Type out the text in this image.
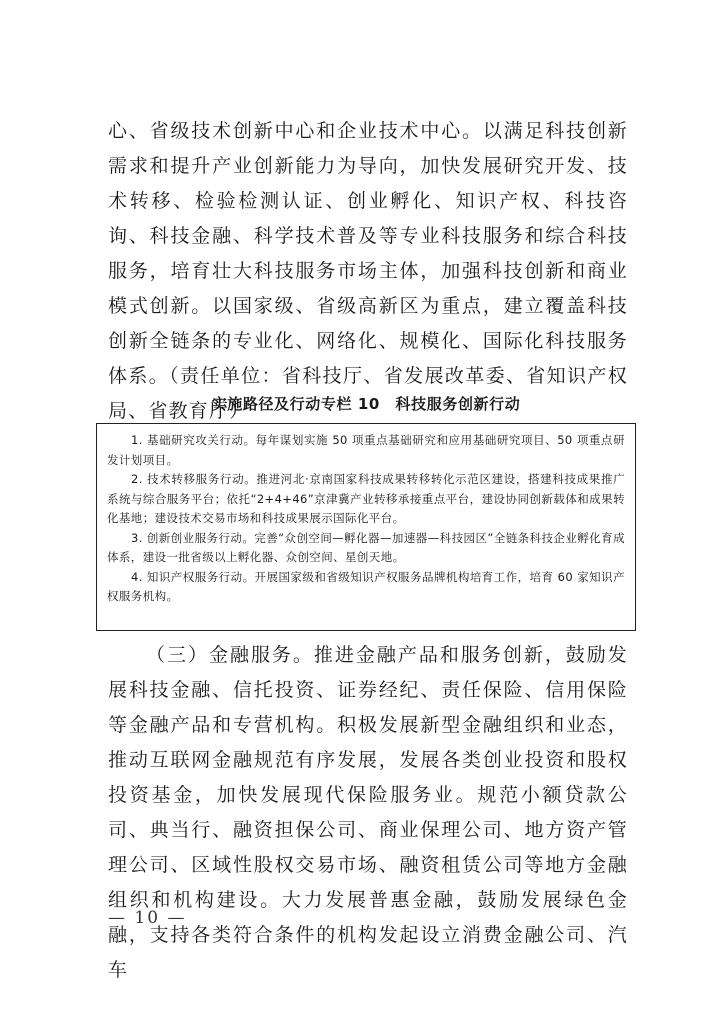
心、省级技术创新中心和企业技术中心。以满足科技创新需求和提升产业创新能力为导向，加快发展研究开发、技术转移、检验检测认证、创业孵化、知识产权、科技咨询、科技金融、科学技术普及等专业科技服务和综合科技服务，培育壮大科技服务市场主体，加强科技创新和商业模式创新。以国家级、省级高新区为重点，建立覆盖科技创新全链条的专业化、网络化、规模化、国际化科技服务体系。（责任单位：省科技厅、省发展改革委、省知识产权局、省教育厅）

实施路径及行动专栏 10　科技服务创新行动

1. 基础研究攻关行动。每年谋划实施 50 项重点基础研究和应用基础研究项目、50 项重点研发计划项目。

2. 技术转移服务行动。推进河北·京南国家科技成果转移转化示范区建设，搭建科技成果推广系统与综合服务平台；依托“2+4+46”京津冀产业转移承接重点平台，建设协同创新载体和成果转化基地；建设技术交易市场和科技成果展示国际化平台。

3. 创新创业服务行动。完善“众创空间—孵化器—加速器—科技园区”全链条科技企业孵化育成体系，建设一批省级以上孵化器、众创空间、星创天地。

4. 知识产权服务行动。开展国家级和省级知识产权服务品牌机构培育工作，培育 60 家知识产权服务机构。

（三）金融服务。推进金融产品和服务创新，鼓励发展科技金融、信托投资、证券经纪、责任保险、信用保险等金融产品和专营机构。积极发展新型金融组织和业态，推动互联网金融规范有序发展，发展各类创业投资和股权投资基金，加快发展现代保险服务业。规范小额贷款公司、典当行、融资担保公司、商业保理公司、地方资产管理公司、区域性股权交易市场、融资租赁公司等地方金融组织和机构建设。大力发展普惠金融，鼓励发展绿色金融，支持各类符合条件的机构发起设立消费金融公司、汽车

— 10 —
